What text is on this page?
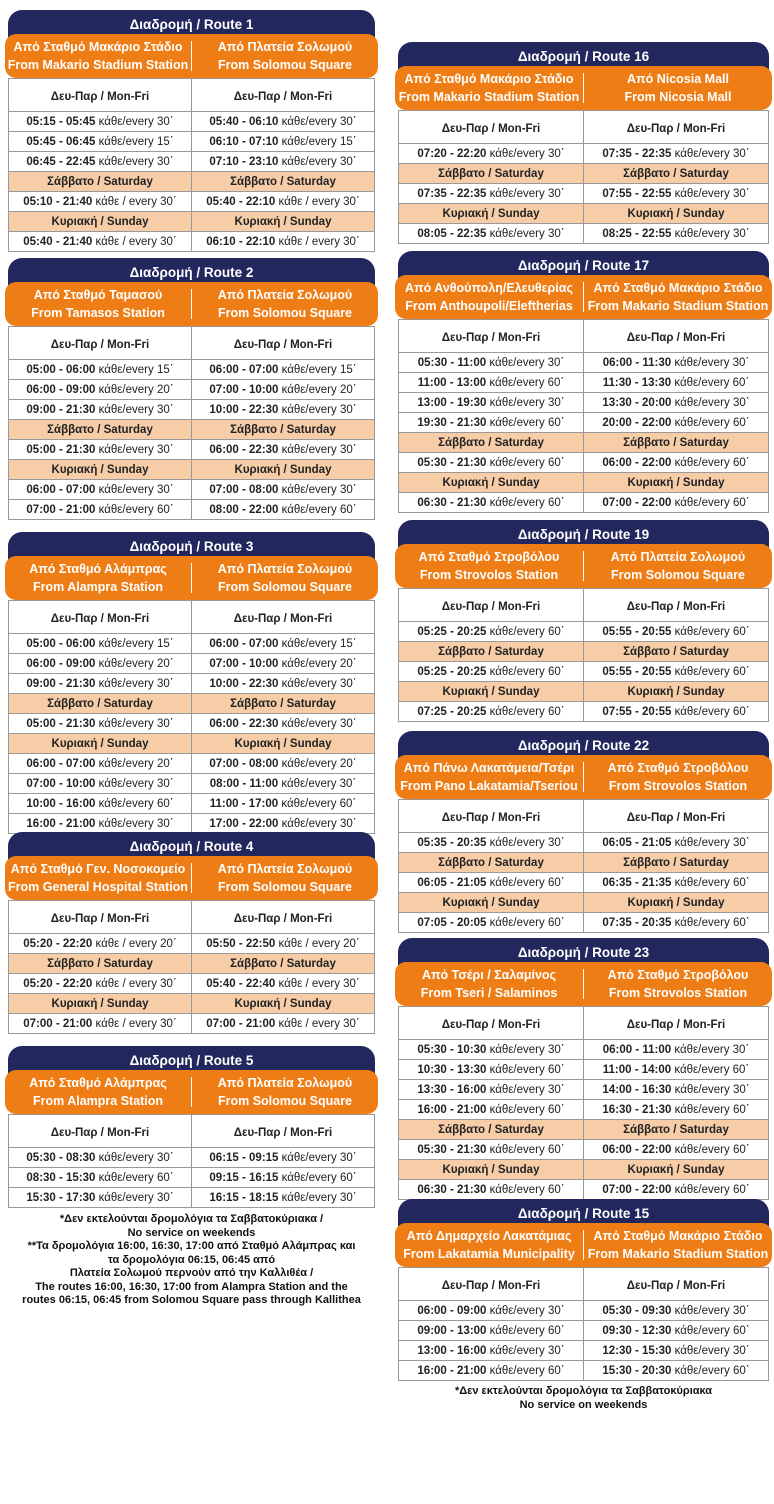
Διαδρομή / Route 1
Από Σταθμό Μακάριο Στάδιο
From Makario Stadium Station
Από Πλατεία Σολωμού
From Solomou Square
Δευ-Παρ / Mon-Fri	Δευ-Παρ / Mon-Fri
05:15 - 05:45 κάθε/every 30΄	05:40 - 06:10 κάθε/every 30΄
05:45 - 06:45 κάθε/every 15΄	06:10 - 07:10 κάθε/every 15΄
06:45 - 22:45 κάθε/every 30΄	07:10 - 23:10 κάθε/every 30΄
Σάββατο / Saturday	Σάββατο / Saturday
05:10 - 21:40 κάθε / every 30΄	05:40 - 22:10 κάθε / every 30΄
Κυριακή / Sunday	Κυριακή / Sunday
05:40 - 21:40 κάθε / every 30΄	06:10 - 22:10 κάθε / every 30΄
Διαδρομή / Route 2
Από Σταθμό Ταμασού
From Tamasos Station
Από Πλατεία Σολωμού
From Solomou Square
Δευ-Παρ / Mon-Fri	Δευ-Παρ / Mon-Fri
05:00 - 06:00 κάθε/every 15΄	06:00 - 07:00 κάθε/every 15΄
06:00 - 09:00 κάθε/every 20΄	07:00 - 10:00 κάθε/every 20΄
09:00 - 21:30 κάθε/every 30΄	10:00 - 22:30 κάθε/every 30΄
Σάββατο / Saturday	Σάββατο / Saturday
05:00 - 21:30 κάθε/every 30΄	06:00 - 22:30 κάθε/every 30΄
Κυριακή / Sunday	Κυριακή / Sunday
06:00 - 07:00 κάθε/every 30΄	07:00 - 08:00 κάθε/every 30΄
07:00 - 21:00 κάθε/every 60΄	08:00 - 22:00 κάθε/every 60΄
Διαδρομή / Route 3
Από Σταθμό Αλάμπρας
From Alampra Station
Από Πλατεία Σολωμού
From Solomou Square
Δευ-Παρ / Mon-Fri	Δευ-Παρ / Mon-Fri
05:00 - 06:00 κάθε/every 15΄	06:00 - 07:00 κάθε/every 15΄
06:00 - 09:00 κάθε/every 20΄	07:00 - 10:00 κάθε/every 20΄
09:00 - 21:30 κάθε/every 30΄	10:00 - 22:30 κάθε/every 30΄
Σάββατο / Saturday	Σάββατο / Saturday
05:00 - 21:30 κάθε/every 30΄	06:00 - 22:30 κάθε/every 30΄
Κυριακή / Sunday	Κυριακή / Sunday
06:00 - 07:00 κάθε/every 20΄	07:00 - 08:00 κάθε/every 20΄
07:00 - 10:00 κάθε/every 30΄	08:00 - 11:00 κάθε/every 30΄
10:00 - 16:00 κάθε/every 60΄	11:00 - 17:00 κάθε/every 60΄
16:00 - 21:00 κάθε/every 30΄	17:00 - 22:00 κάθε/every 30΄
Διαδρομή / Route 4
Από Σταθμό Γεν. Νοσοκομείο
From General Hospital Station
Από Πλατεία Σολωμού
From Solomou Square
Δευ-Παρ / Mon-Fri	Δευ-Παρ / Mon-Fri
05:20 - 22:20 κάθε / every 20΄	05:50 - 22:50 κάθε / every 20΄
Σάββατο / Saturday	Σάββατο / Saturday
05:20 - 22:20 κάθε / every 30΄	05:40 - 22:40 κάθε / every 30΄
Κυριακή / Sunday	Κυριακή / Sunday
07:00 - 21:00 κάθε / every 30΄	07:00 - 21:00 κάθε / every 30΄
Διαδρομή / Route 5
Από Σταθμό Αλάμπρας
From Alampra Station
Από Πλατεία Σολωμού
From Solomou Square
Δευ-Παρ / Mon-Fri	Δευ-Παρ / Mon-Fri
05:30 - 08:30 κάθε/every 30΄	06:15 - 09:15 κάθε/every 30΄
08:30 - 15:30 κάθε/every 60΄	09:15 - 16:15 κάθε/every 60΄
15:30 - 17:30 κάθε/every 30΄	16:15 - 18:15 κάθε/every 30΄
Διαδρομή / Route 16
Από Σταθμό Μακάριο Στάδιο
From Makario Stadium Station
Από Nicosia Mall
From Nicosia Mall
Δευ-Παρ / Mon-Fri	Δευ-Παρ / Mon-Fri
07:20 - 22:20 κάθε/every 30΄	07:35 - 22:35 κάθε/every 30΄
Σάββατο / Saturday	Σάββατο / Saturday
07:35 - 22:35 κάθε/every 30΄	07:55 - 22:55 κάθε/every 30΄
Κυριακή / Sunday	Κυριακή / Sunday
08:05 - 22:35 κάθε/every 30΄	08:25 - 22:55 κάθε/every 30΄
Διαδρομή / Route 17
Από Ανθούπολη/Ελευθερίας
From Anthoupoli/Eleftherias
Από Σταθμό Μακάριο Στάδιο
From Makario Stadium Station
Δευ-Παρ / Mon-Fri	Δευ-Παρ / Mon-Fri
05:30 - 11:00 κάθε/every 30΄	06:00 - 11:30 κάθε/every 30΄
11:00 - 13:00 κάθε/every 60΄	11:30 - 13:30 κάθε/every 60΄
13:00 - 19:30 κάθε/every 30΄	13:30 - 20:00 κάθε/every 30΄
19:30 - 21:30 κάθε/every 60΄	20:00 - 22:00 κάθε/every 60΄
Σάββατο / Saturday	Σάββατο / Saturday
05:30 - 21:30 κάθε/every 60΄	06:00 - 22:00 κάθε/every 60΄
Κυριακή / Sunday	Κυριακή / Sunday
06:30 - 21:30 κάθε/every 60΄	07:00 - 22:00 κάθε/every 60΄
Διαδρομή / Route 19
Από Σταθμό Στροβόλου
From Strovolos Station
Από Πλατεία Σολωμού
From Solomou Square
Δευ-Παρ / Mon-Fri	Δευ-Παρ / Mon-Fri
05:25 - 20:25 κάθε/every 60΄	05:55 - 20:55 κάθε/every 60΄
Σάββατο / Saturday	Σάββατο / Saturday
05:25 - 20:25 κάθε/every 60΄	05:55 - 20:55 κάθε/every 60΄
Κυριακή / Sunday	Κυριακή / Sunday
07:25 - 20:25 κάθε/every 60΄	07:55 - 20:55 κάθε/every 60΄
Διαδρομή / Route 22
Από Πάνω Λακατάμεια/Τσέρι
From Pano Lakatamia/Tseriou
Από Σταθμό Στροβόλου
From Strovolos Station
Δευ-Παρ / Mon-Fri	Δευ-Παρ / Mon-Fri
05:35 - 20:35 κάθε/every 30΄	06:05 - 21:05 κάθε/every 30΄
Σάββατο / Saturday	Σάββατο / Saturday
06:05 - 21:05 κάθε/every 60΄	06:35 - 21:35 κάθε/every 60΄
Κυριακή / Sunday	Κυριακή / Sunday
07:05 - 20:05 κάθε/every 60΄	07:35 - 20:35 κάθε/every 60΄
Διαδρομή / Route 23
Από Τσέρι / Σαλαμίνος
From Tseri / Salaminos
Από Σταθμό Στροβόλου
From Strovolos Station
Δευ-Παρ / Mon-Fri	Δευ-Παρ / Mon-Fri
05:30 - 10:30 κάθε/every 30΄	06:00 - 11:00 κάθε/every 30΄
10:30 - 13:30 κάθε/every 60΄	11:00 - 14:00 κάθε/every 60΄
13:30 - 16:00 κάθε/every 30΄	14:00 - 16:30 κάθε/every 30΄
16:00 - 21:00 κάθε/every 60΄	16:30 - 21:30 κάθε/every 60΄
Σάββατο / Saturday	Σάββατο / Saturday
05:30 - 21:30 κάθε/every 60΄	06:00 - 22:00 κάθε/every 60΄
Κυριακή / Sunday	Κυριακή / Sunday
06:30 - 21:30 κάθε/every 60΄	07:00 - 22:00 κάθε/every 60΄
Διαδρομή / Route 15
Από Δημαρχείο Λακατάμιας
From Lakatamia Municipality
Από Σταθμό Μακάριο Στάδιο
From Makario Stadium Station
Δευ-Παρ / Mon-Fri	Δευ-Παρ / Mon-Fri
06:00 - 09:00 κάθε/every 30΄	05:30 - 09:30 κάθε/every 30΄
09:00 - 13:00 κάθε/every 60΄	09:30 - 12:30 κάθε/every 60΄
13:00 - 16:00 κάθε/every 30΄	12:30 - 15:30 κάθε/every 30΄
16:00 - 21:00 κάθε/every 60΄	15:30 - 20:30 κάθε/every 60΄
*Δεν εκτελούνται δρομολόγια τα Σαββατοκύριακα /
No service on weekends
**Τα δρομολόγια 16:00, 16:30, 17:00 από Σταθμό Αλάμπρας και
τα δρομολόγια 06:15, 06:45 από
Πλατεία Σολωμού περνούν από την Καλλιθέα /
The routes 16:00, 16:30, 17:00 from Alampra Station and the
routes 06:15, 06:45 from Solomou Square pass through Kallithea
*Δεν εκτελούνται δρομολόγια τα Σαββατοκύριακα
No service on weekends
